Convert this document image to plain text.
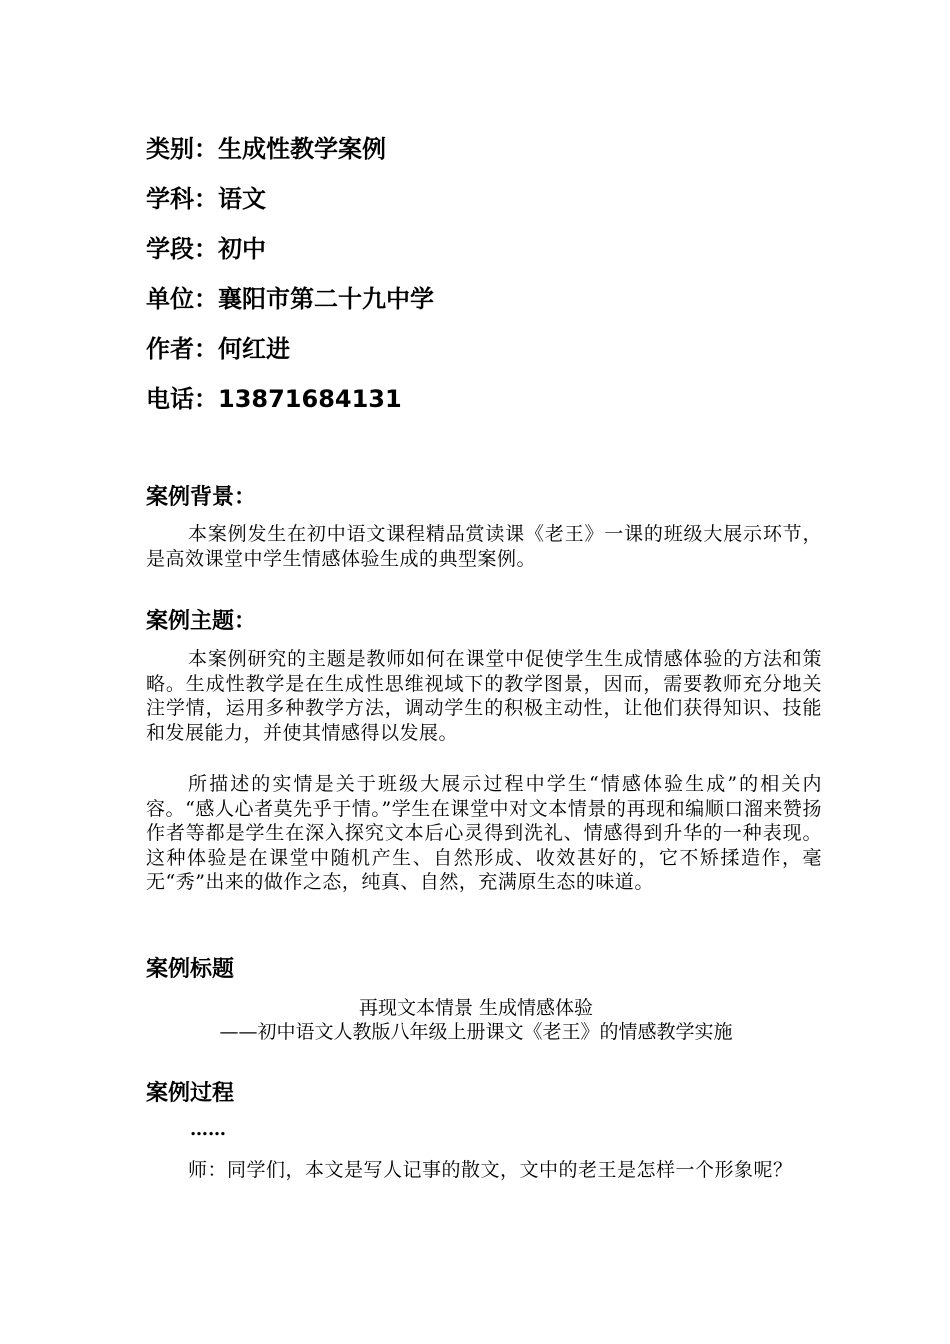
类别：生成性教学案例
学科：语文
学段：初中
单位：襄阳市第二十九中学
作者：何红进
电话：13871684131
案例背景：
本案例发生在初中语文课程精品赏读课《老王》一课的班级大展示环节，是高效课堂中学生情感体验生成的典型案例。
案例主题：
本案例研究的主题是教师如何在课堂中促使学生生成情感体验的方法和策略。生成性教学是在生成性思维视域下的教学图景，因而，需要教师充分地关注学情，运用多种教学方法，调动学生的积极主动性，让他们获得知识、技能和发展能力，并使其情感得以发展。
所描述的实情是关于班级大展示过程中学生“情感体验生成”的相关内容。“感人心者莫先乎于情。”学生在课堂中对文本情景的再现和编顺口溜来赞扬作者等都是学生在深入探究文本后心灵得到洗礼、情感得到升华的一种表现。这种体验是在课堂中随机产生、自然形成、收效甚好的，它不矫揉造作，毫无“秀”出来的做作之态，纯真、自然，充满原生态的味道。
案例标题
再现文本情景 生成情感体验
——初中语文人教版八年级上册课文《老王》的情感教学实施
案例过程
……
师：同学们，本文是写人记事的散文，文中的老王是怎样一个形象呢？
